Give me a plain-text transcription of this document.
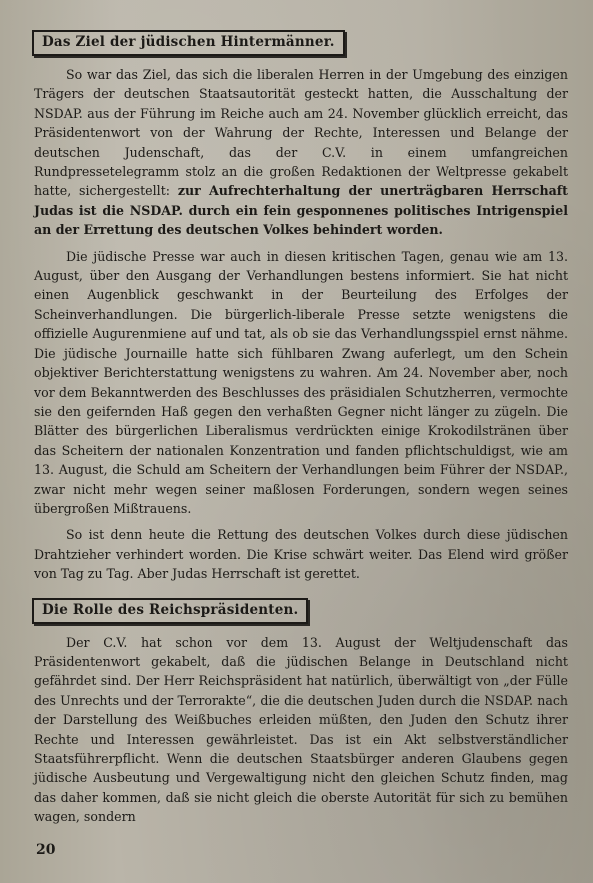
Das Ziel der jüdischen Hintermänner.

So war das Ziel, das sich die liberalen Herren in der Umgebung des einzigen Trägers der deutschen Staatsautorität gesteckt hatten, die Ausschaltung der NSDAP. aus der Führung im Reiche auch am 24. November glücklich erreicht, das Präsidentenwort von der Wahrung der Rechte, Interessen und Belange der deutschen Judenschaft, das der C.V. in einem umfangreichen Rundpressetelegramm stolz an die großen Redaktionen der Weltpresse gekabelt hatte, sichergestellt: zur Aufrechterhaltung der unerträgbaren Herrschaft Judas ist die NSDAP. durch ein fein gesponnenes politisches Intrigenspiel an der Errettung des deutschen Volkes behindert worden.

Die jüdische Presse war auch in diesen kritischen Tagen, genau wie am 13. August, über den Ausgang der Verhandlungen bestens informiert. Sie hat nicht einen Augenblick geschwankt in der Beurteilung des Erfolges der Scheinverhandlungen. Die bürgerlich-liberale Presse setzte wenigstens die offizielle Augurenmiene auf und tat, als ob sie das Verhandlungsspiel ernst nähme. Die jüdische Journaille hatte sich fühlbaren Zwang auferlegt, um den Schein objektiver Berichterstattung wenigstens zu wahren. Am 24. November aber, noch vor dem Bekanntwerden des Beschlusses des präsidialen Schutzherren, vermochte sie den geifernden Haß gegen den verhaßten Gegner nicht länger zu zügeln. Die Blätter des bürgerlichen Liberalismus verdrückten einige Krokodilstränen über das Scheitern der nationalen Konzentration und fanden pflichtschuldigst, wie am 13. August, die Schuld am Scheitern der Verhandlungen beim Führer der NSDAP., zwar nicht mehr wegen seiner maßlosen Forderungen, sondern wegen seines übergroßen Mißtrauens.

So ist denn heute die Rettung des deutschen Volkes durch diese jüdischen Drahtzieher verhindert worden. Die Krise schwärt weiter. Das Elend wird größer von Tag zu Tag. Aber Judas Herrschaft ist gerettet.

Die Rolle des Reichspräsidenten.

Der C.V. hat schon vor dem 13. August der Weltjudenschaft das Präsidentenwort gekabelt, daß die jüdischen Belange in Deutschland nicht gefährdet sind. Der Herr Reichspräsident hat natürlich, überwältigt von „der Fülle des Unrechts und der Terrorakte“, die die deutschen Juden durch die NSDAP. nach der Darstellung des Weißbuches erleiden müßten, den Juden den Schutz ihrer Rechte und Interessen gewährleistet. Das ist ein Akt selbstverständlicher Staatsführerpflicht. Wenn die deutschen Staatsbürger anderen Glaubens gegen jüdische Ausbeutung und Vergewaltigung nicht den gleichen Schutz finden, mag das daher kommen, daß sie nicht gleich die oberste Autorität für sich zu bemühen wagen, sondern

20
